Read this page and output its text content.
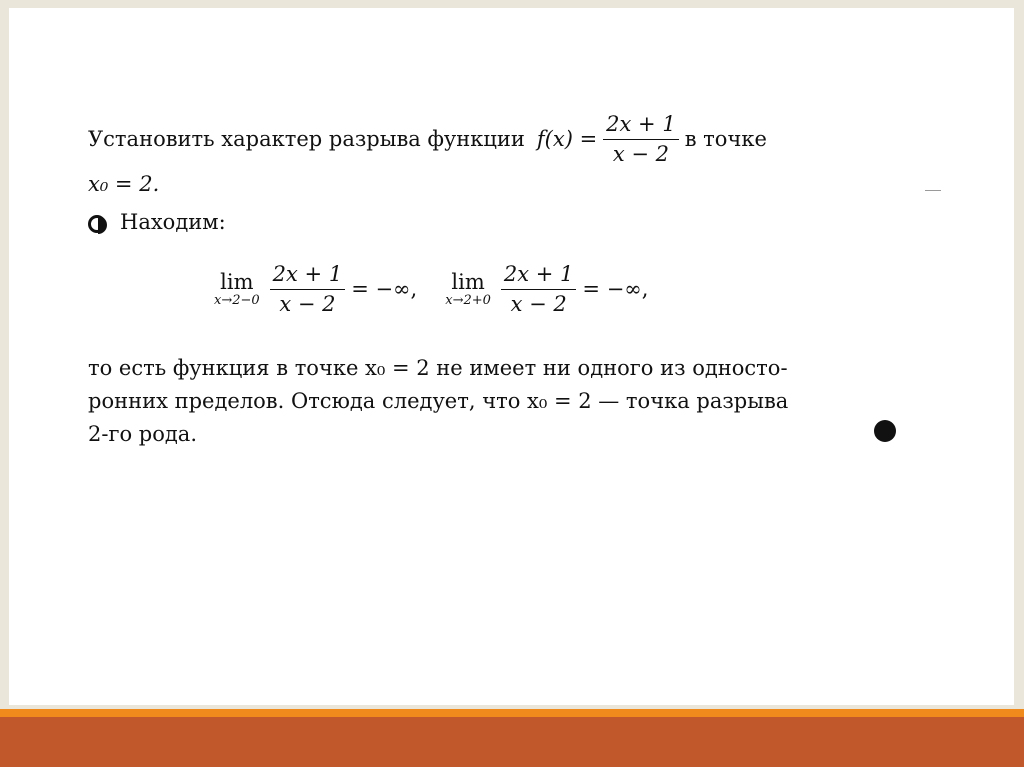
Установить характер разрыва функции $f(x) = \frac{2x + 1}{x - 2}$ в точке
x₀ = 2.
Находим:
lim
$x\to 2-0 \frac{2x + 1}{x - 2}$ = −∞, lim
$x\to 2+0 \frac{2x + 1}{x - 2}$ = −∞,
то есть функция в точке x₀ = 2 не имеет ни одного из односто-
ронних пределов. Отсюда следует, что x₀ = 2 — точка разрыва
2-го рода.
